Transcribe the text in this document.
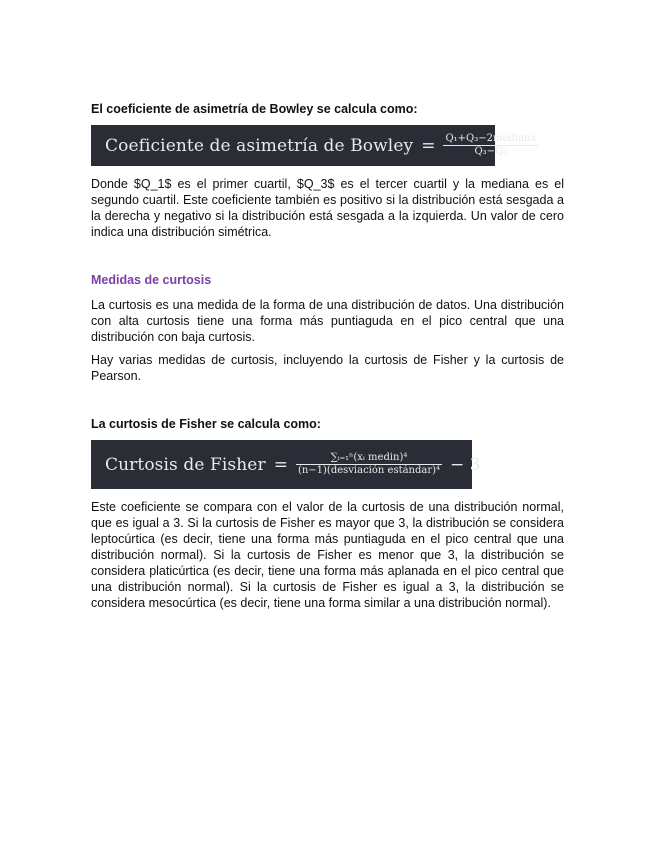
El coeficiente de asimetría de Bowley se calcula como:

Coeficiente de asimetría de Bowley = $\frac{\text{Q₁+Q₃−2mediana}}{\text{Q₃−Q₁}}$

Donde $Q_1$ es el primer cuartil, $Q_3$ es el tercer cuartil y la mediana es el segundo cuartil. Este coeficiente también es positivo si la distribución está sesgada a la derecha y negativo si la distribución está sesgada a la izquierda. Un valor de cero indica una distribución simétrica.

Medidas de curtosis

La curtosis es una medida de la forma de una distribución de datos. Una distribución con alta curtosis tiene una forma más puntiaguda en el pico central que una distribución con baja curtosis.

Hay varias medidas de curtosis, incluyendo la curtosis de Fisher y la curtosis de Pearson.

La curtosis de Fisher se calcula como:

Curtosis de Fisher = $\frac{\text{∑ᵢ₌₁ⁿ(xᵢ medin)⁴}}{\text{(n−1)(desviación estándar)⁴}} - 3$

Este coeficiente se compara con el valor de la curtosis de una distribución normal, que es igual a 3. Si la curtosis de Fisher es mayor que 3, la distribución se considera leptocúrtica (es decir, tiene una forma más puntiaguda en el pico central que una distribución normal). Si la curtosis de Fisher es menor que 3, la distribución se considera platicúrtica (es decir, tiene una forma más aplanada en el pico central que una distribución normal). Si la curtosis de Fisher es igual a 3, la distribución se considera mesocúrtica (es decir, tiene una forma similar a una distribución normal).
